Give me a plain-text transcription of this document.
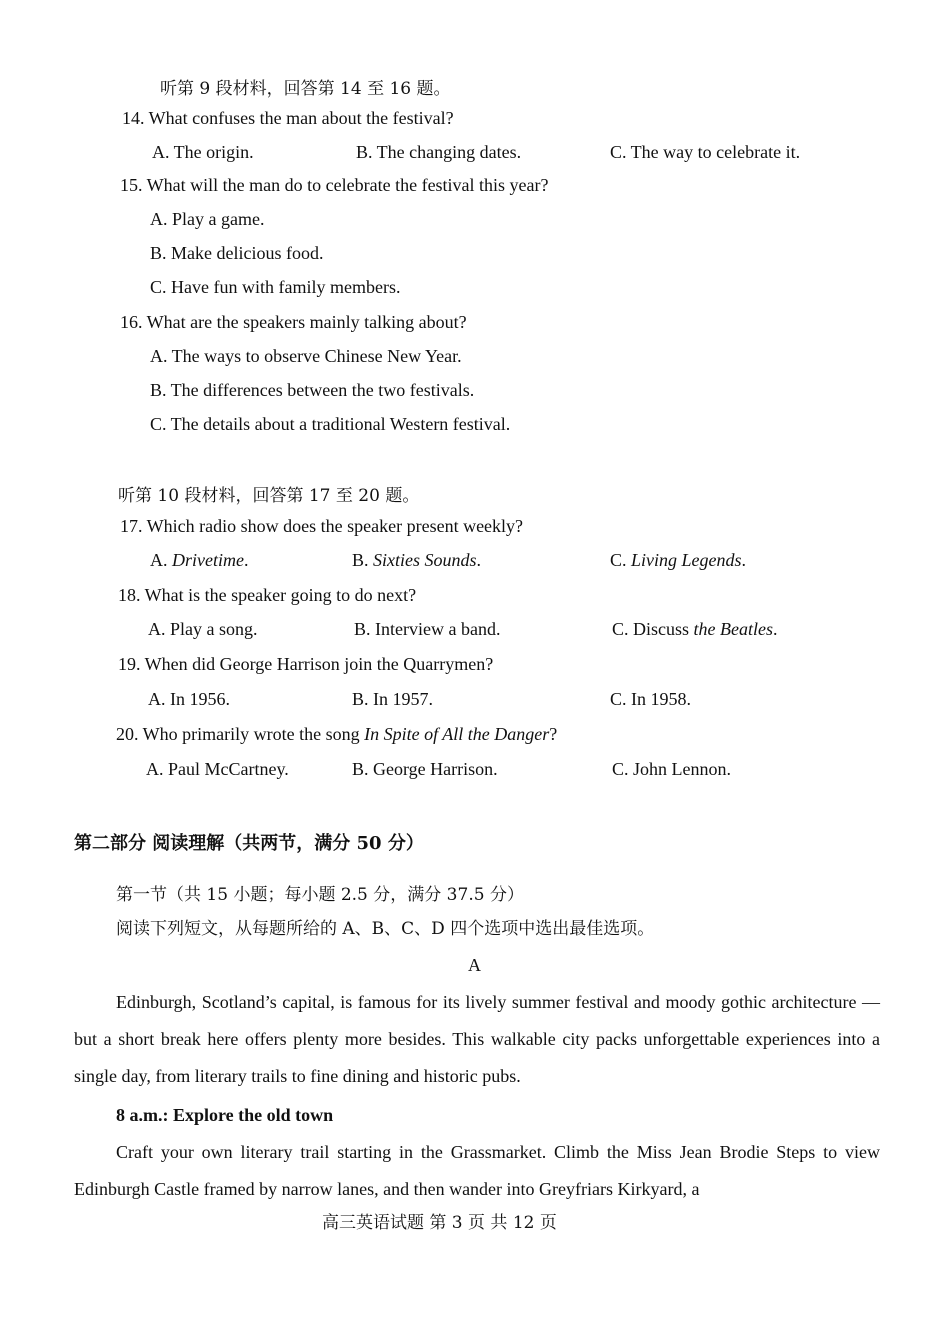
听第 9 段材料，回答第 14 至 16 题。
14. What confuses the man about the festival?
A. The origin.	B. The changing dates.	C. The way to celebrate it.
15. What will the man do to celebrate the festival this year?
A. Play a game.
B. Make delicious food.
C. Have fun with family members.
16. What are the speakers mainly talking about?
A. The ways to observe Chinese New Year.
B. The differences between the two festivals.
C. The details about a traditional Western festival.
听第 10 段材料，回答第 17 至 20 题。
17. Which radio show does the speaker present weekly?
A. Drivetime.	B. Sixties Sounds.	C. Living Legends.
18. What is the speaker going to do next?
A. Play a song.	B. Interview a band.	C. Discuss the Beatles.
19. When did George Harrison join the Quarrymen?
A. In 1956.	B. In 1957.	C. In 1958.
20. Who primarily wrote the song In Spite of All the Danger?
A. Paul McCartney.	B. George Harrison.	C. John Lennon.
第二部分 阅读理解（共两节，满分 50 分）
第一节（共 15 小题；每小题 2.5 分，满分 37.5 分）
阅读下列短文，从每题所给的 A、B、C、D 四个选项中选出最佳选项。
A
Edinburgh, Scotland’s capital, is famous for its lively summer festival and moody gothic architecture — but a short break here offers plenty more besides. This walkable city packs unforgettable experiences into a single day, from literary trails to fine dining and historic pubs.
8 a.m.: Explore the old town
Craft your own literary trail starting in the Grassmarket. Climb the Miss Jean Brodie Steps to view Edinburgh Castle framed by narrow lanes, and then wander into Greyfriars Kirkyard, a
高三英语试题 第 3 页 共 12 页
